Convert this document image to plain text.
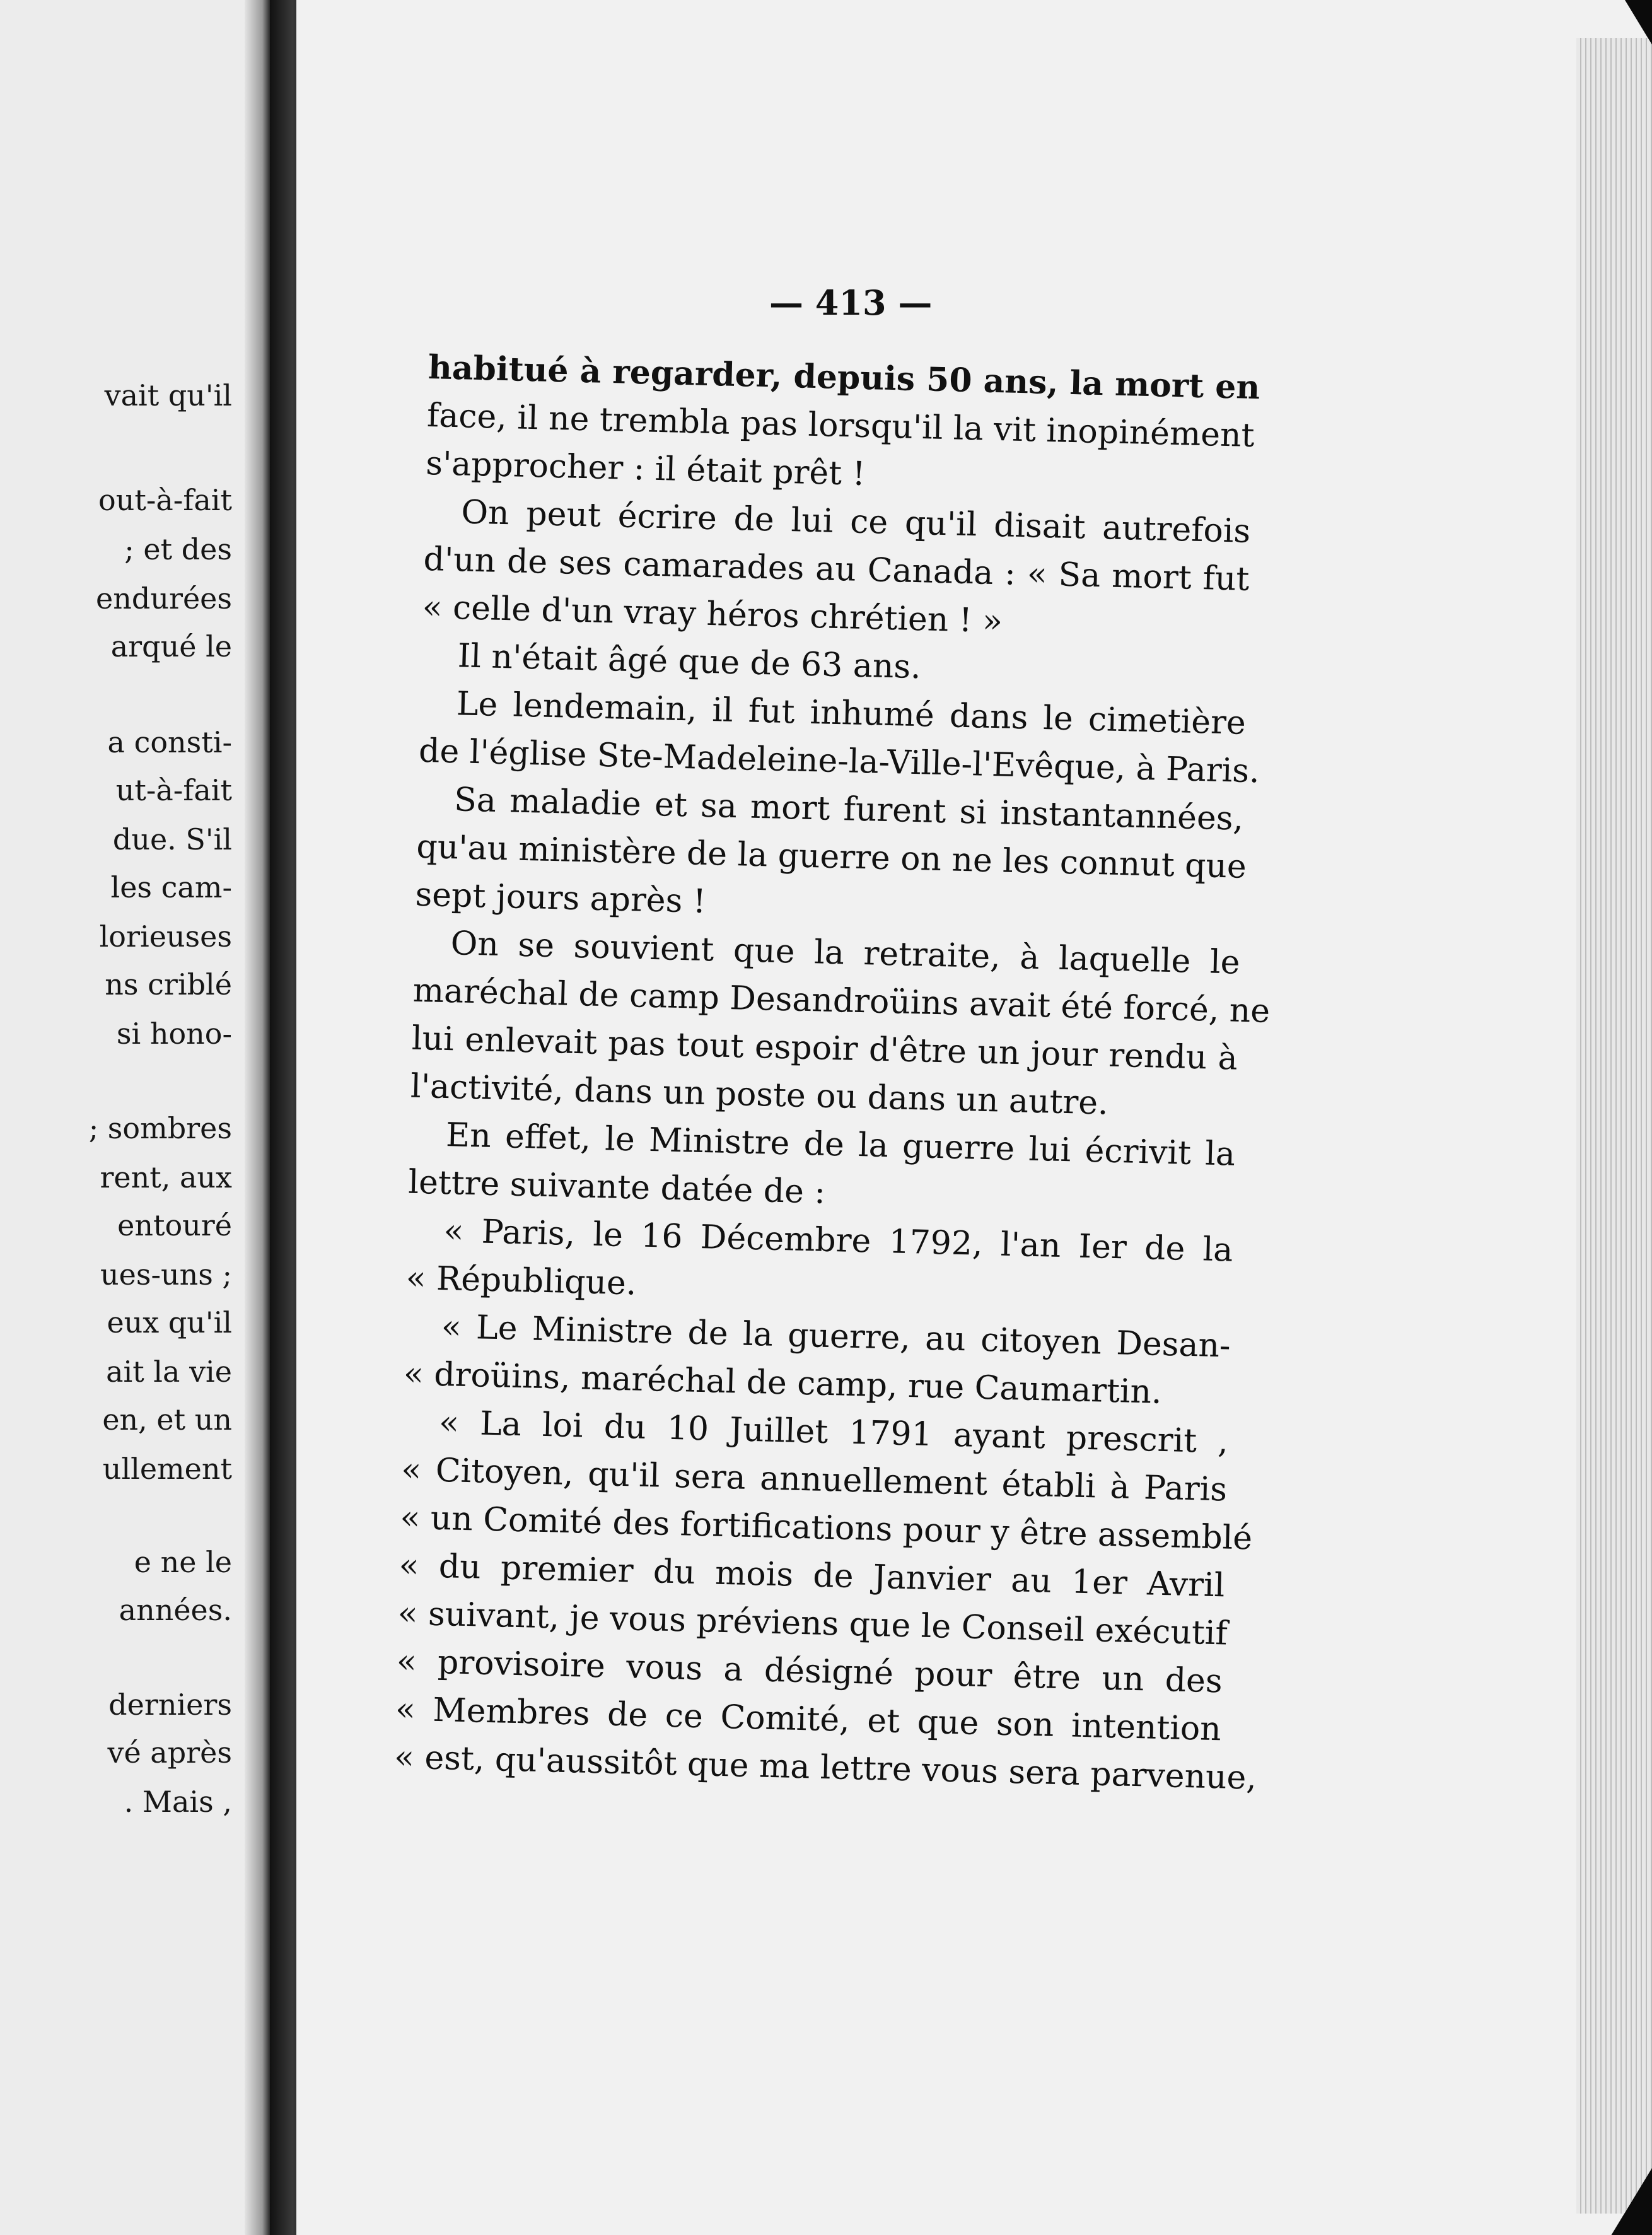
vait qu'il
out-à-fait
; et des
endurées
arqué le
a consti-
ut-à-fait
due. S'il
les cam-
lorieuses
ns criblé
si hono-
; sombres
rent, aux
entouré
ues-uns ;
eux qu'il
ait la vie
en, et un
ullement
e ne le
années.
derniers
vé après
. Mais ,
— 413 —
habitué à regarder, depuis 50 ans, la mort en
face, il ne trembla pas lorsqu'il la vit inopinément
s'approcher : il était prêt !
On peut écrire de lui ce qu'il disait autrefois
d'un de ses camarades au Canada : « Sa mort fut
« celle d'un vray héros chrétien ! »
Il n'était âgé que de 63 ans.
Le lendemain, il fut inhumé dans le cimetière
de l'église Ste-Madeleine-la-Ville-l'Evêque, à Paris.
Sa maladie et sa mort furent si instantannées,
qu'au ministère de la guerre on ne les connut que
sept jours après !
On se souvient que la retraite, à laquelle le
maréchal de camp Desandroüins avait été forcé, ne
lui enlevait pas tout espoir d'être un jour rendu à
l'activité, dans un poste ou dans un autre.
En effet, le Ministre de la guerre lui écrivit la
lettre suivante datée de :
« Paris, le 16 Décembre 1792, l'an Ier de la
« République.
« Le Ministre de la guerre, au citoyen Desan-
« droüins, maréchal de camp, rue Caumartin.
« La loi du 10 Juillet 1791 ayant prescrit ,
« Citoyen, qu'il sera annuellement établi à Paris
« un Comité des fortifications pour y être assemblé
« du premier du mois de Janvier au 1er Avril
« suivant, je vous préviens que le Conseil exécutif
« provisoire vous a désigné pour être un des
« Membres de ce Comité, et que son intention
« est, qu'aussitôt que ma lettre vous sera parvenue,
